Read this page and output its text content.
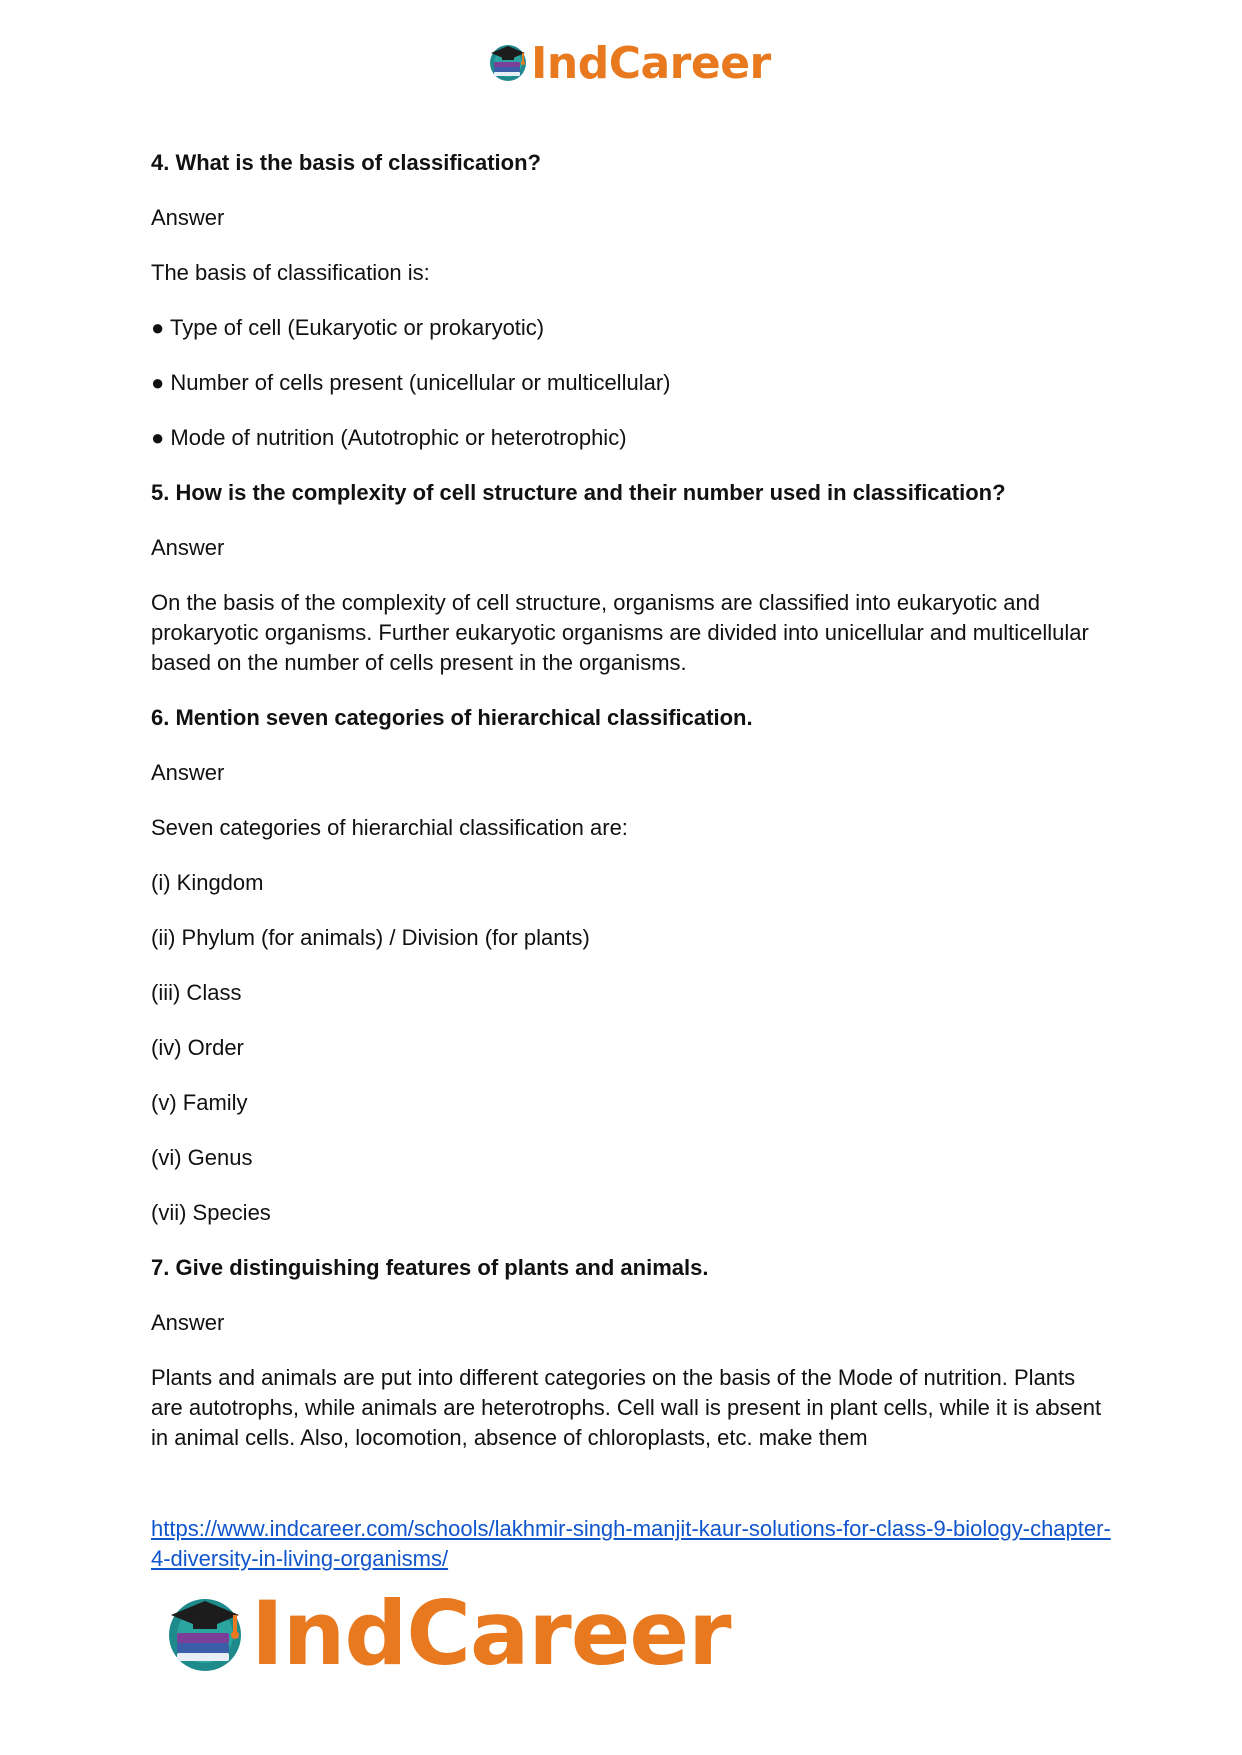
IndCareer
4. What is the basis of classification?
Answer
The basis of classification is:
● Type of cell (Eukaryotic or prokaryotic)
● Number of cells present (unicellular or multicellular)
● Mode of nutrition (Autotrophic or heterotrophic)
5. How is the complexity of cell structure and their number used in classification?
Answer
On the basis of the complexity of cell structure, organisms are classified into eukaryotic and prokaryotic organisms. Further eukaryotic organisms are divided into unicellular and multicellular based on the number of cells present in the organisms.
6. Mention seven categories of hierarchical classification.
Answer
Seven categories of hierarchial classification are:
(i) Kingdom
(ii) Phylum (for animals) / Division (for plants)
(iii) Class
(iv) Order
(v) Family
(vi) Genus
(vii) Species
7. Give distinguishing features of plants and animals.
Answer
Plants and animals are put into different categories on the basis of the Mode of nutrition. Plants are autotrophs, while animals are heterotrophs. Cell wall is present in plant cells, while it is absent in animal cells. Also, locomotion, absence of chloroplasts, etc. make them
https://www.indcareer.com/schools/lakhmir-singh-manjit-kaur-solutions-for-class-9-biology-chapter-4-diversity-in-living-organisms/
IndCareer
